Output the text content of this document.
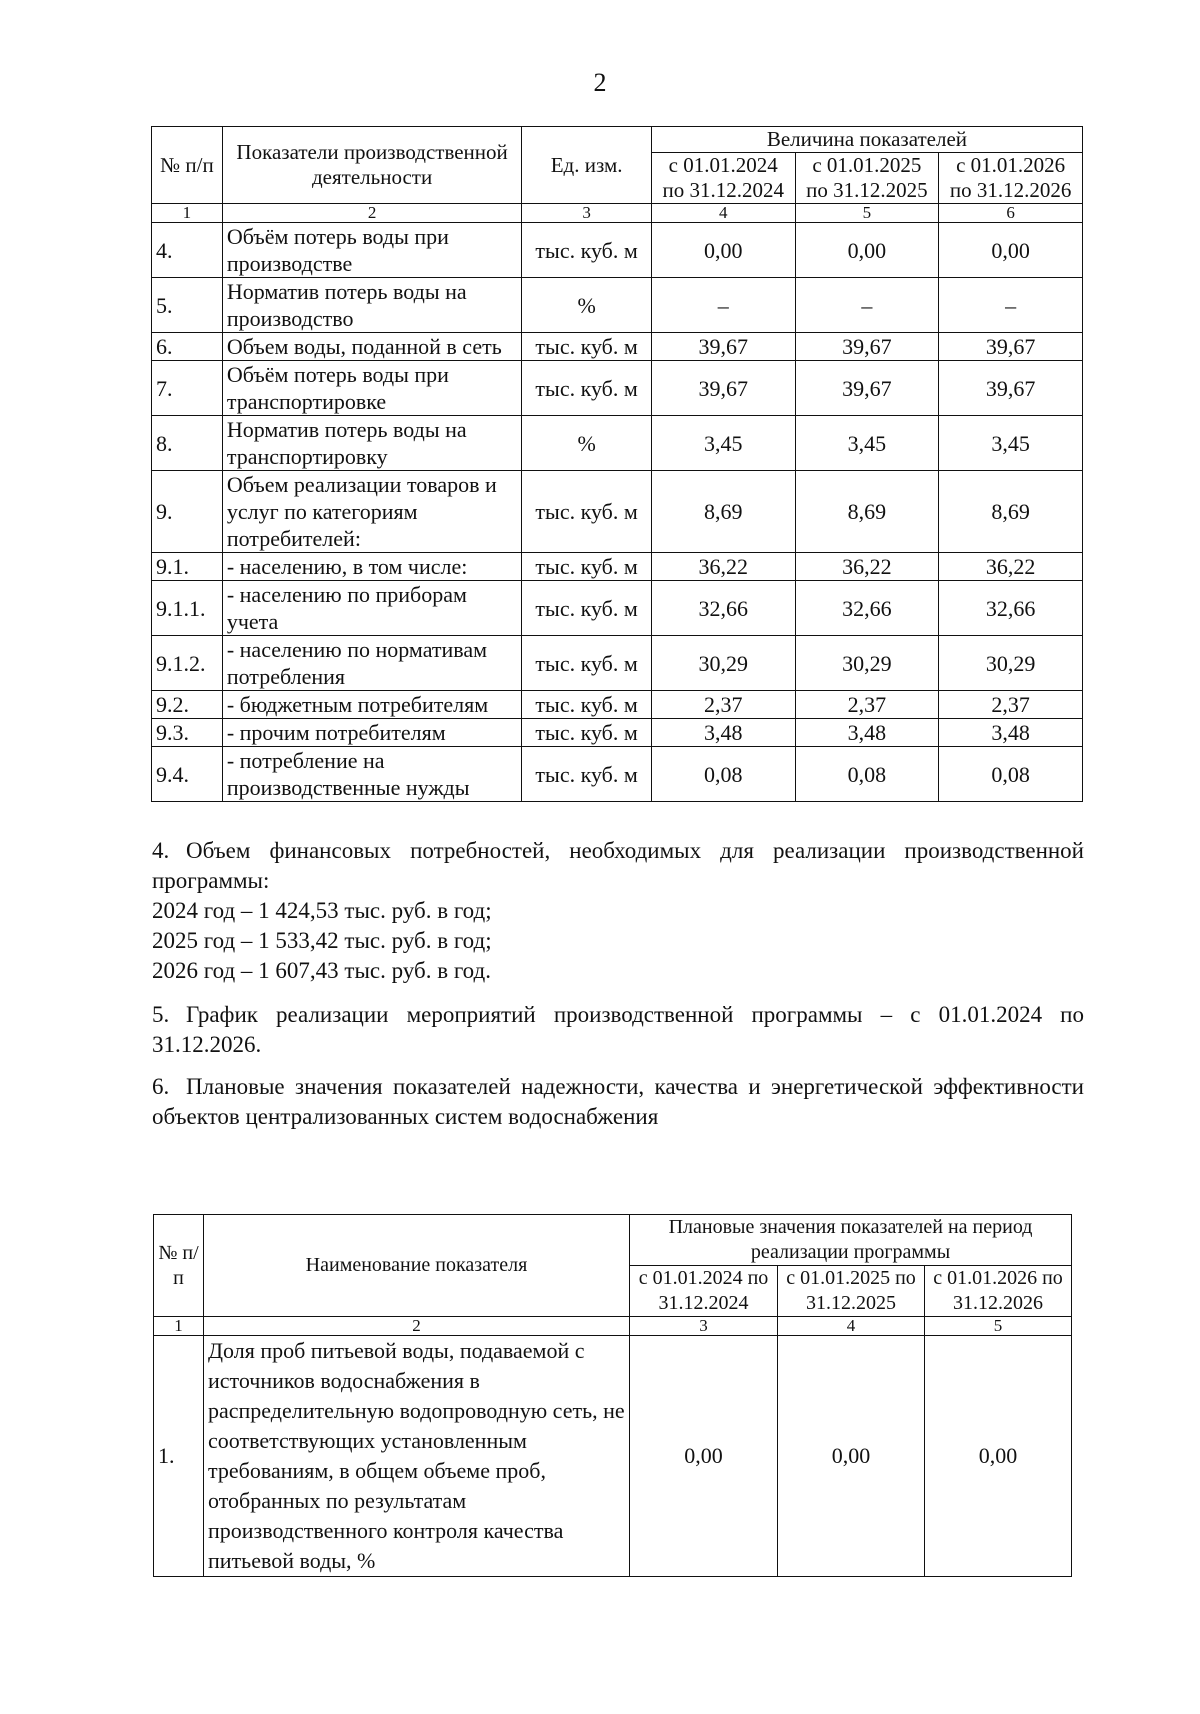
2
№ п/п	Показатели производственной деятельности	Ед. изм.	Величина показателей		
			с 01.01.2024 по 31.12.2024	с 01.01.2025 по 31.12.2025	с 01.01.2026 по 31.12.2026
1	2	3	4	5	6
4.	Объём потерь воды при производстве	тыс. куб. м	0,00	0,00	0,00
5.	Норматив потерь воды на производство	%	–	–	–
6.	Объем воды, поданной в сеть	тыс. куб. м	39,67	39,67	39,67
7.	Объём потерь воды при транспортировке	тыс. куб. м	39,67	39,67	39,67
8.	Норматив потерь воды на транспортировку	%	3,45	3,45	3,45
9.	Объем реализации товаров и услуг по категориям потребителей:	тыс. куб. м	8,69	8,69	8,69
9.1.	- населению, в том числе:	тыс. куб. м	36,22	36,22	36,22
9.1.1.	- населению по приборам учета	тыс. куб. м	32,66	32,66	32,66
9.1.2.	- населению по нормативам потребления	тыс. куб. м	30,29	30,29	30,29
9.2.	- бюджетным потребителям	тыс. куб. м	2,37	2,37	2,37
9.3.	- прочим потребителям	тыс. куб. м	3,48	3,48	3,48
9.4.	- потребление на производственные нужды	тыс. куб. м	0,08	0,08	0,08
4. Объем финансовых потребностей, необходимых для реализации производственной программы:
2024 год – 1 424,53 тыс. руб. в год;
2025 год – 1 533,42 тыс. руб. в год;
2026 год – 1 607,43 тыс. руб. в год.
5. График реализации мероприятий производственной программы – с 01.01.2024 по 31.12.2026.
6. Плановые значения показателей надежности, качества и энергетической эффективности объектов централизованных систем водоснабжения
№ п/п	Наименование показателя	Плановые значения показателей на период реализации программы		
		с 01.01.2024 по 31.12.2024	с 01.01.2025 по 31.12.2025	с 01.01.2026 по 31.12.2026
1	2	3	4	5
1.	Доля проб питьевой воды, подаваемой с источников водоснабжения в распределительную водопроводную сеть, не соответствующих установленным требованиям, в общем объеме проб, отобранных по результатам производственного контроля качества питьевой воды, %	0,00	0,00	0,00
